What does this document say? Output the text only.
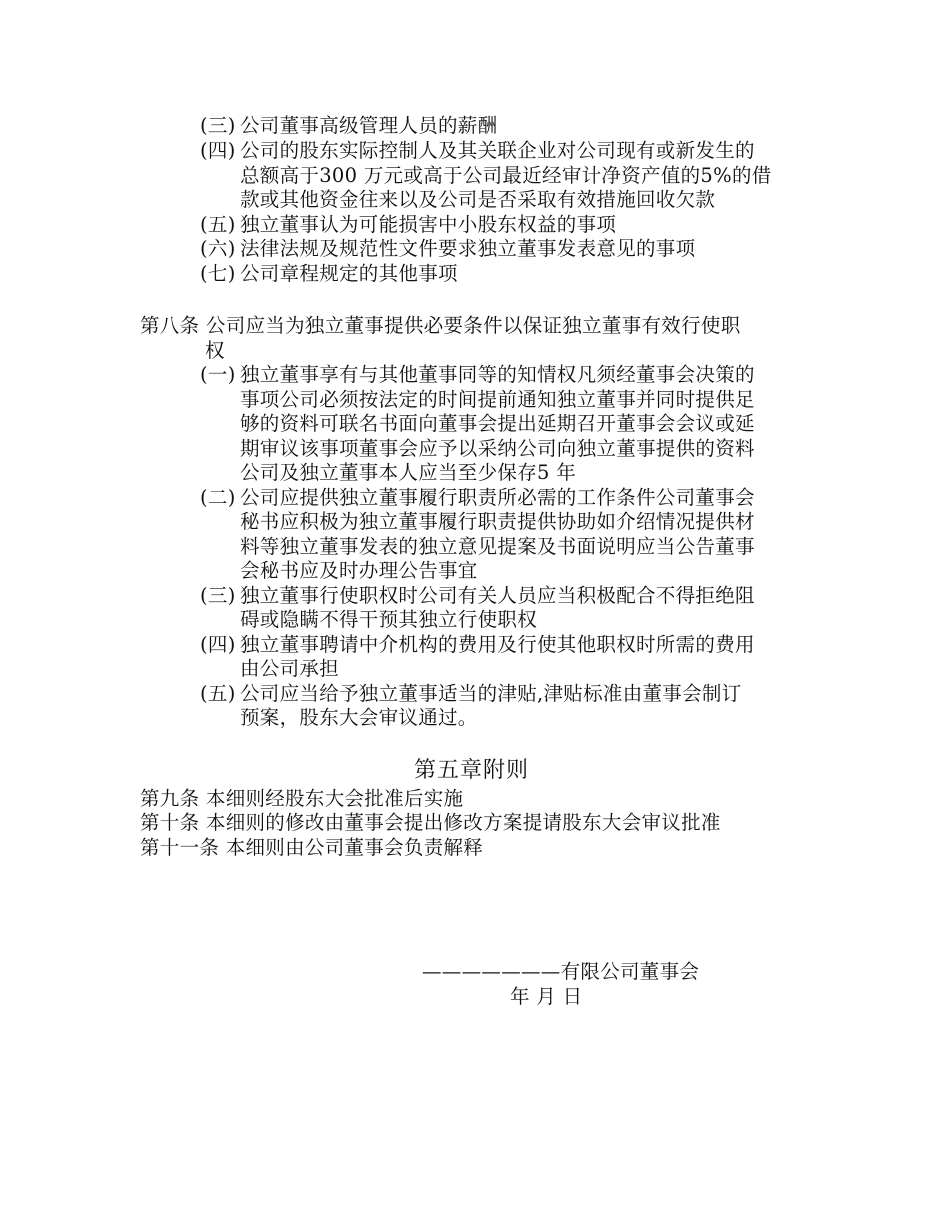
(三) 公司董事高级管理人员的薪酬
(四) 公司的股东实际控制人及其关联企业对公司现有或新发生的
总额高于300 万元或高于公司最近经审计净资产值的5%的借
款或其他资金往来以及公司是否采取有效措施回收欠款
(五) 独立董事认为可能损害中小股东权益的事项
(六) 法律法规及规范性文件要求独立董事发表意见的事项
(七) 公司章程规定的其他事项
第八条 公司应当为独立董事提供必要条件以保证独立董事有效行使职
权
(一) 独立董事享有与其他董事同等的知情权凡须经董事会决策的
事项公司必须按法定的时间提前通知独立董事并同时提供足
够的资料可联名书面向董事会提出延期召开董事会会议或延
期审议该事项董事会应予以采纳公司向独立董事提供的资料
公司及独立董事本人应当至少保存5 年
(二) 公司应提供独立董事履行职责所必需的工作条件公司董事会
秘书应积极为独立董事履行职责提供协助如介绍情况提供材
料等独立董事发表的独立意见提案及书面说明应当公告董事
会秘书应及时办理公告事宜
(三) 独立董事行使职权时公司有关人员应当积极配合不得拒绝阻
碍或隐瞒不得干预其独立行使职权
(四) 独立董事聘请中介机构的费用及行使其他职权时所需的费用
由公司承担
(五) 公司应当给予独立董事适当的津贴,津贴标准由董事会制订
预案，股东大会审议通过。
第五章附则
第九条 本细则经股东大会批准后实施
第十条 本细则的修改由董事会提出修改方案提请股东大会审议批准
第十一条 本细则由公司董事会负责解释
———————有限公司董事会
年 月 日
